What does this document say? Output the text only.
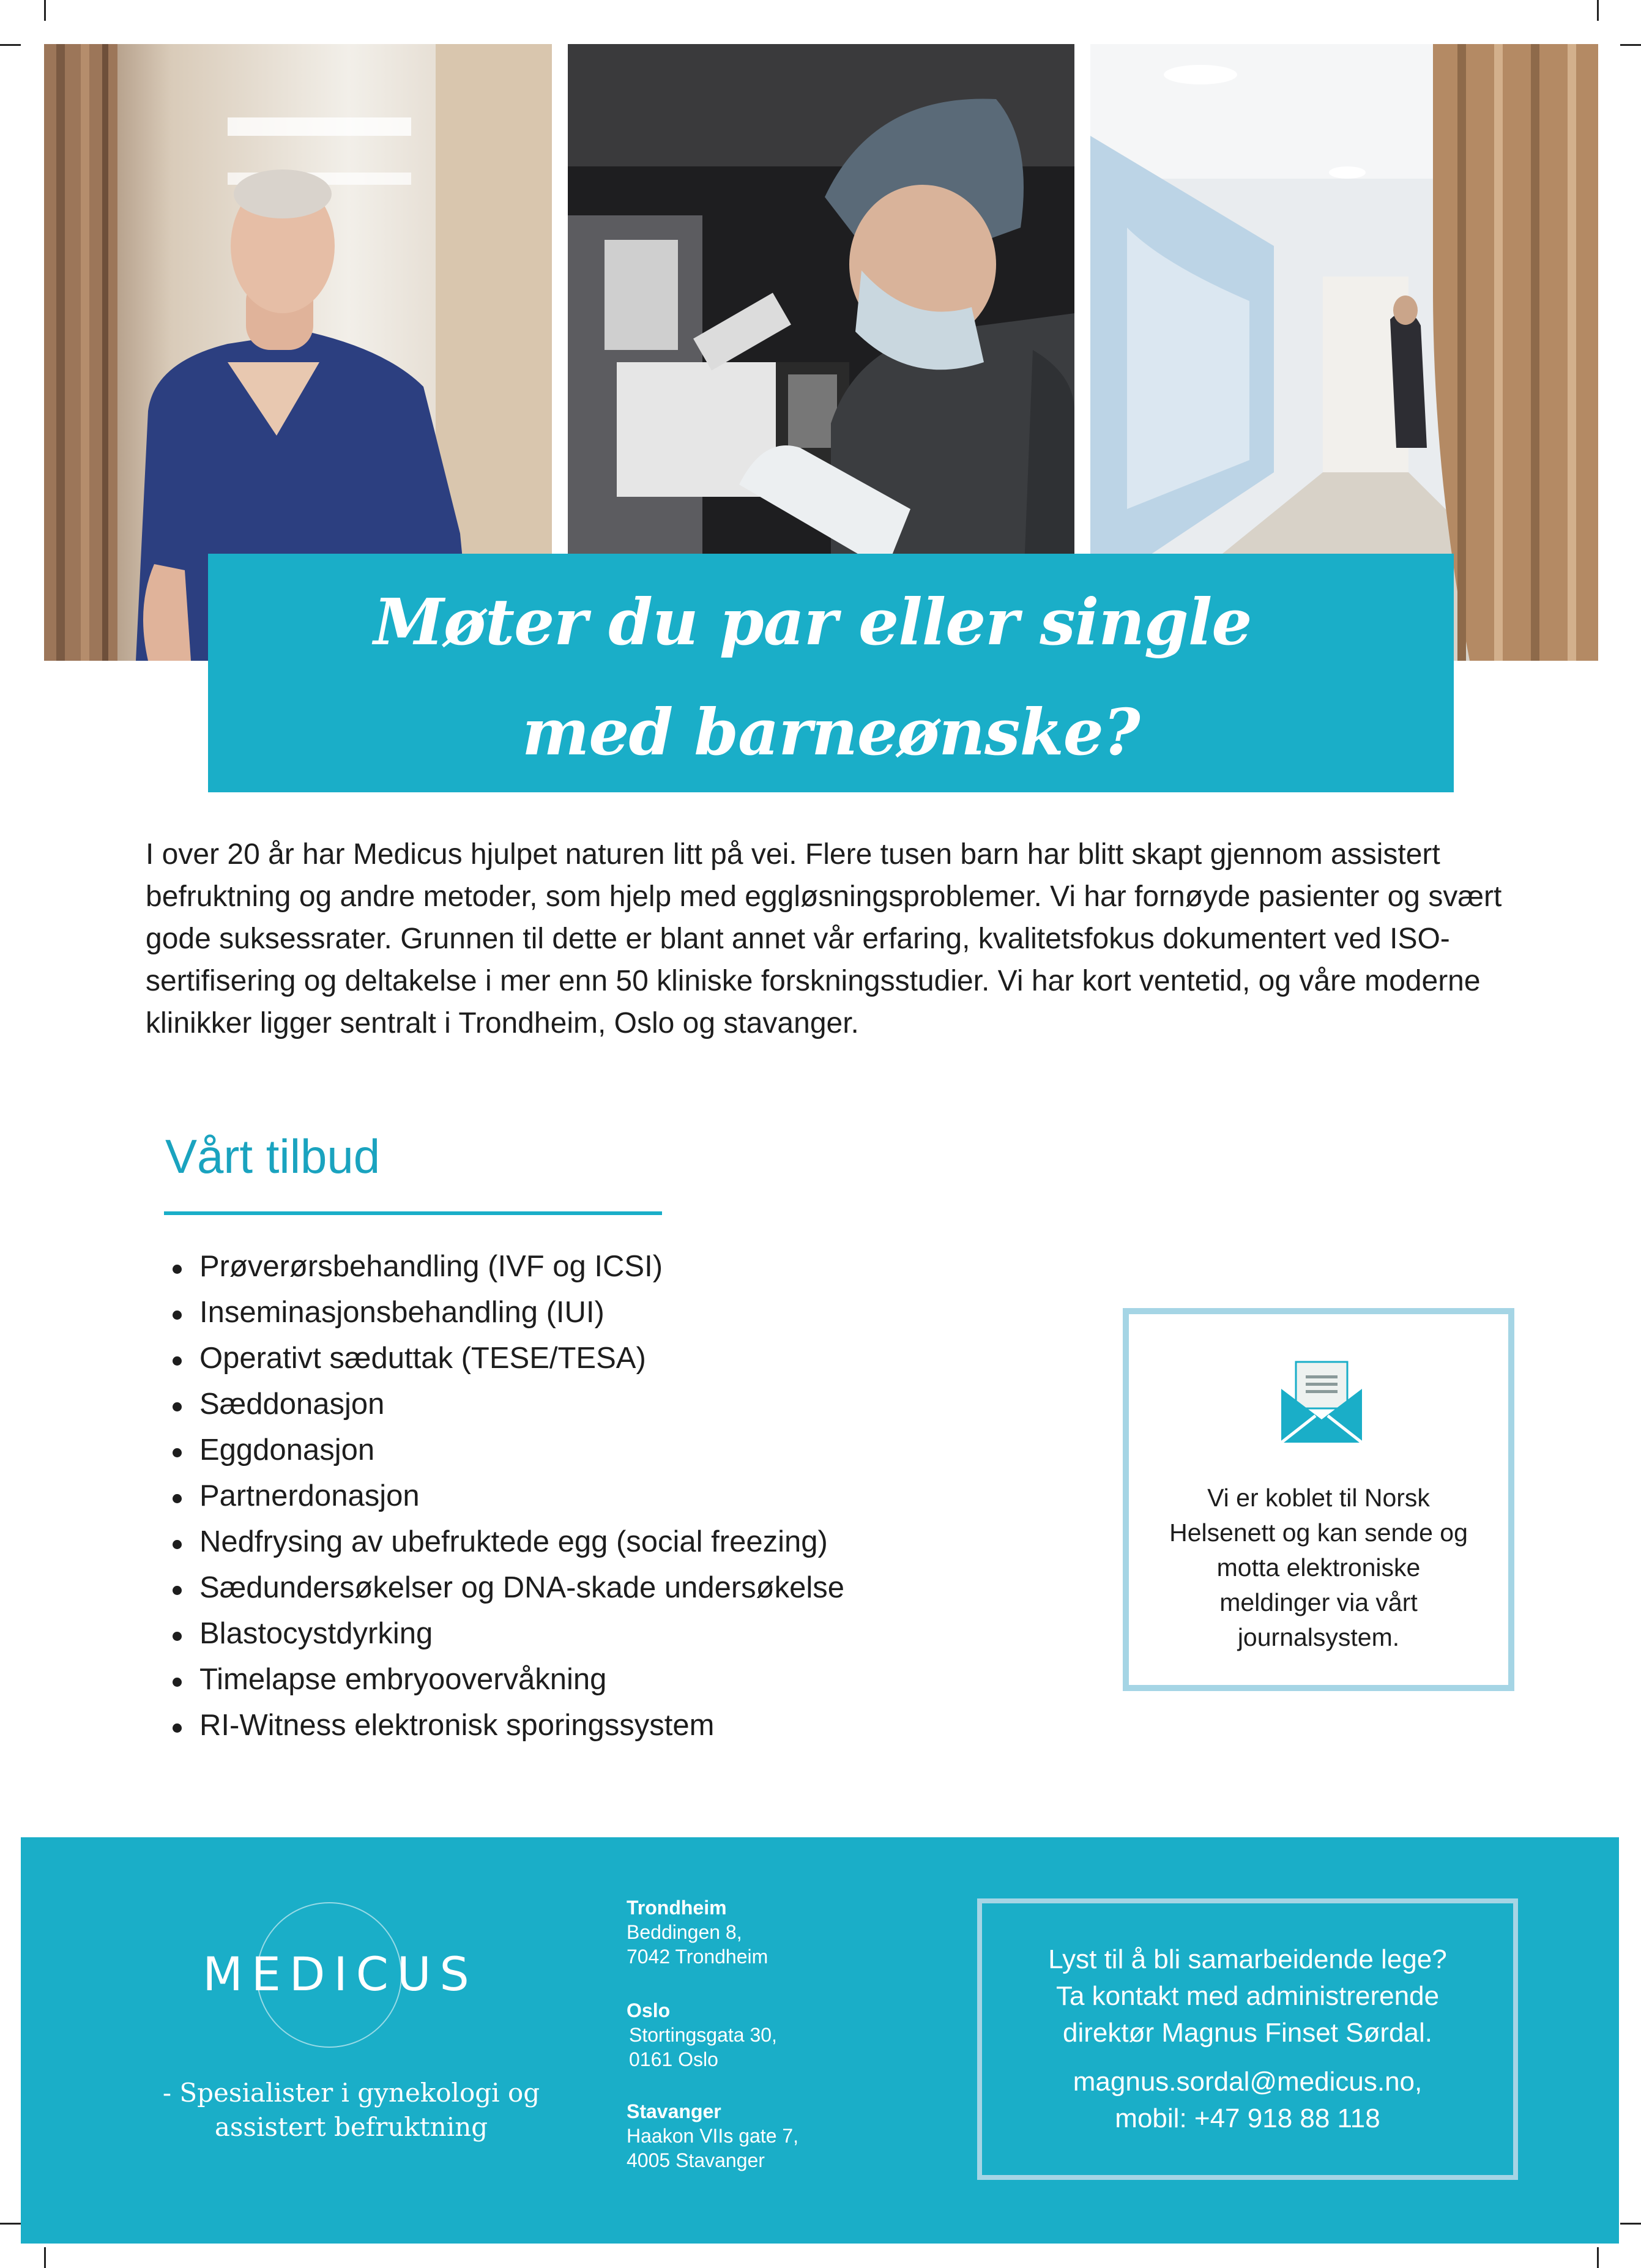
Møter du par eller single
med barneønske?
I over 20 år har Medicus hjulpet naturen litt på vei. Flere tusen barn har blitt skapt gjennom assistert befruktning og andre metoder, som hjelp med eggløsningsproblemer. Vi har fornøyde pasienter og svært gode suksessrater. Grunnen til dette er blant annet vår erfaring, kvalitetsfokus dokumentert ved ISO-sertifisering og deltakelse i mer enn 50 kliniske forskningsstudier. Vi har kort ventetid, og våre moderne klinikker ligger sentralt i Trondheim, Oslo og stavanger.
Vårt tilbud
Prøverørsbehandling (IVF og ICSI)
Inseminasjonsbehandling (IUI)
Operativt sæduttak (TESE/TESA)
Sæddonasjon
Eggdonasjon
Partnerdonasjon
Nedfrysing av ubefruktede egg (social freezing)
Sædundersøkelser og DNA-skade undersøkelse
Blastocystdyrking
Timelapse embryoovervåkning
RI-Witness elektronisk sporingssystem
Vi er koblet til Norsk
Helsenett og kan sende og
motta elektroniske
meldinger via vårt
journalsystem.
MEDICUS
- Spesialister i gynekologi og
assistert befruktning
Trondheim
Beddingen 8,
7042 Trondheim
Oslo
Stortingsgata 30,
0161 Oslo
Stavanger
Haakon VIIs gate 7,
4005 Stavanger
Lyst til å bli samarbeidende lege?
Ta kontakt med administrerende
direktør Magnus Finset Sørdal.
magnus.sordal@medicus.no,
mobil: +47 918 88 118
